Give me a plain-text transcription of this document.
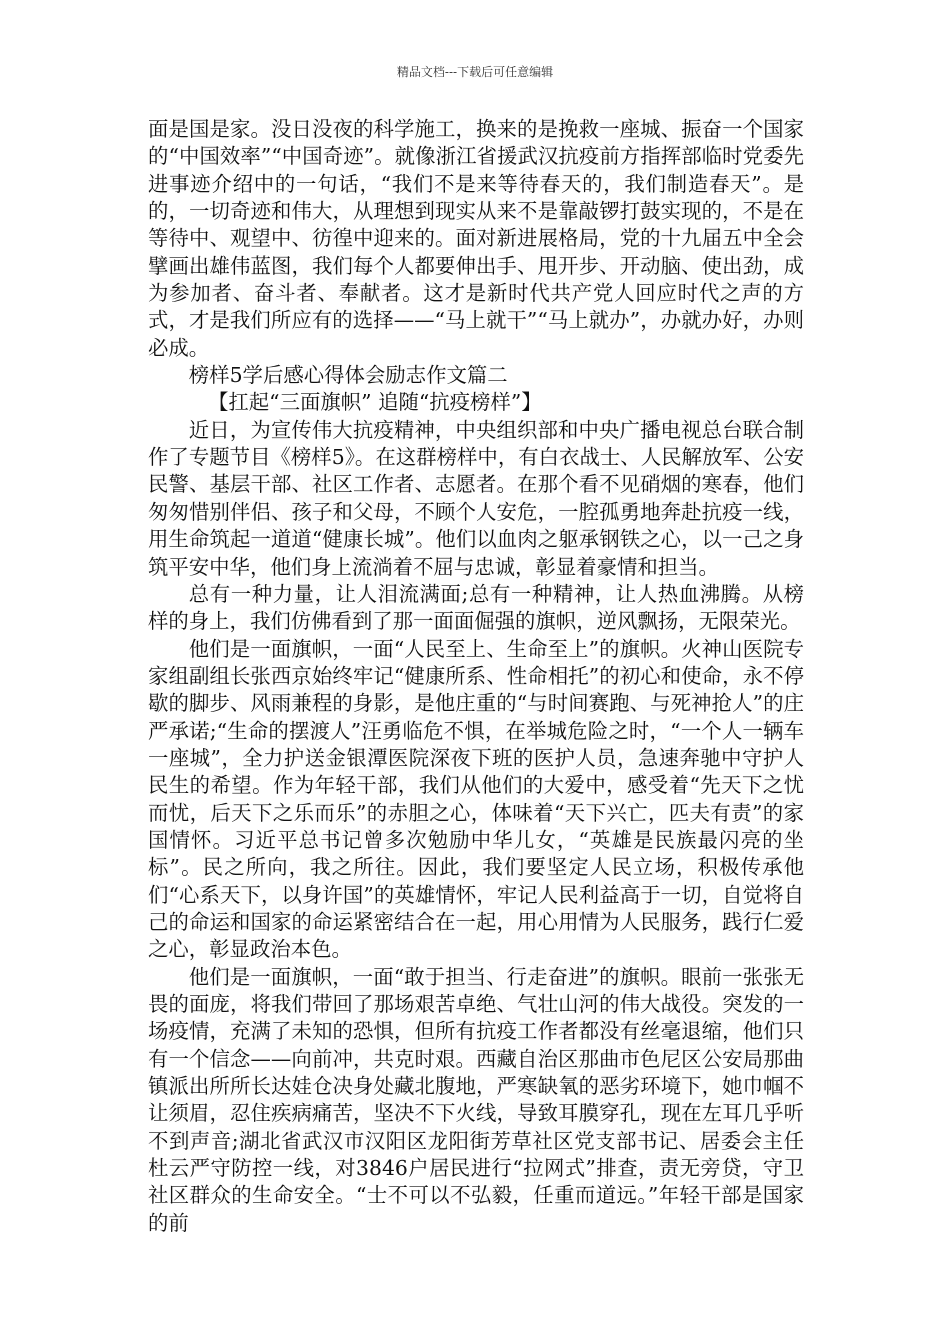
精品文档---下载后可任意编辑

面是国是家。没日没夜的科学施工，换来的是挽救一座城、振奋一个国家的“中国效率”“中国奇迹”。就像浙江省援武汉抗疫前方指挥部临时党委先进事迹介绍中的一句话，“我们不是来等待春天的，我们制造春天”。是的，一切奇迹和伟大，从理想到现实从来不是靠敲锣打鼓实现的，不是在等待中、观望中、彷徨中迎来的。面对新进展格局，党的十九届五中全会擘画出雄伟蓝图，我们每个人都要伸出手、甩开步、开动脑、使出劲，成为参加者、奋斗者、奉献者。这才是新时代共产党人回应时代之声的方式，才是我们所应有的选择——“马上就干”“马上就办”，办就办好，办则必成。

榜样5学后感心得体会励志作文篇二

【扛起“三面旗帜” 追随“抗疫榜样”】

近日，为宣传伟大抗疫精神，中央组织部和中央广播电视总台联合制作了专题节目《榜样5》。在这群榜样中，有白衣战士、人民解放军、公安民警、基层干部、社区工作者、志愿者。在那个看不见硝烟的寒春，他们匆匆惜别伴侣、孩子和父母，不顾个人安危，一腔孤勇地奔赴抗疫一线，用生命筑起一道道“健康长城”。他们以血肉之躯承钢铁之心，以一己之身筑平安中华，他们身上流淌着不屈与忠诚，彰显着豪情和担当。

总有一种力量，让人泪流满面;总有一种精神，让人热血沸腾。从榜样的身上，我们仿佛看到了那一面面倔强的旗帜，逆风飘扬，无限荣光。

他们是一面旗帜，一面“人民至上、生命至上”的旗帜。火神山医院专家组副组长张西京始终牢记“健康所系、性命相托”的初心和使命，永不停歇的脚步、风雨兼程的身影，是他庄重的“与时间赛跑、与死神抢人”的庄严承诺;“生命的摆渡人”汪勇临危不惧，在举城危险之时，“一个人一辆车一座城”，全力护送金银潭医院深夜下班的医护人员，急速奔驰中守护人民生的希望。作为年轻干部，我们从他们的大爱中，感受着“先天下之忧而忧，后天下之乐而乐”的赤胆之心，体味着“天下兴亡，匹夫有责”的家国情怀。习近平总书记曾多次勉励中华儿女，“英雄是民族最闪亮的坐标”。民之所向，我之所往。因此，我们要坚定人民立场，积极传承他们“心系天下，以身许国”的英雄情怀，牢记人民利益高于一切，自觉将自己的命运和国家的命运紧密结合在一起，用心用情为人民服务，践行仁爱之心，彰显政治本色。

他们是一面旗帜，一面“敢于担当、行走奋进”的旗帜。眼前一张张无畏的面庞，将我们带回了那场艰苦卓绝、气壮山河的伟大战役。突发的一场疫情，充满了未知的恐惧，但所有抗疫工作者都没有丝毫退缩，他们只有一个信念——向前冲，共克时艰。西藏自治区那曲市色尼区公安局那曲镇派出所所长达娃仓决身处藏北腹地，严寒缺氧的恶劣环境下，她巾帼不让须眉，忍住疾病痛苦，坚决不下火线，导致耳膜穿孔，现在左耳几乎听不到声音;湖北省武汉市汉阳区龙阳街芳草社区党支部书记、居委会主任杜云严守防控一线，对3846户居民进行“拉网式”排查，责无旁贷，守卫社区群众的生命安全。“士不可以不弘毅，任重而道远。”年轻干部是国家的前
